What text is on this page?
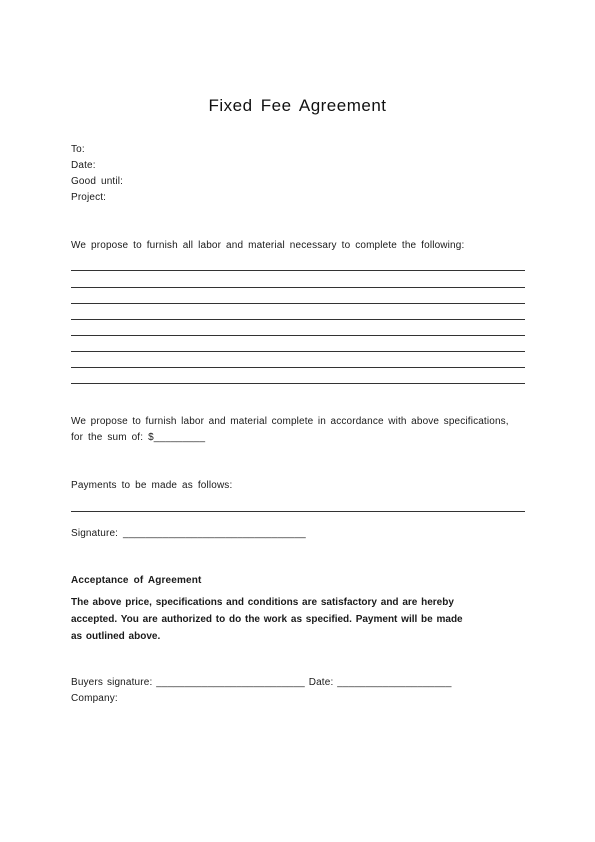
Fixed Fee Agreement
To:
Date:
Good until:
Project:
We propose to furnish all labor and material necessary to complete the following:
We propose to furnish labor and material complete in accordance with above specifications,
for the sum of: $_________
Payments to be made as follows:
Signature: ________________________________
Acceptance of Agreement
The above price, specifications and conditions are satisfactory and are hereby
accepted. You are authorized to do the work as specified. Payment will be made
as outlined above.
Buyers signature: __________________________ Date: ____________________
Company:
